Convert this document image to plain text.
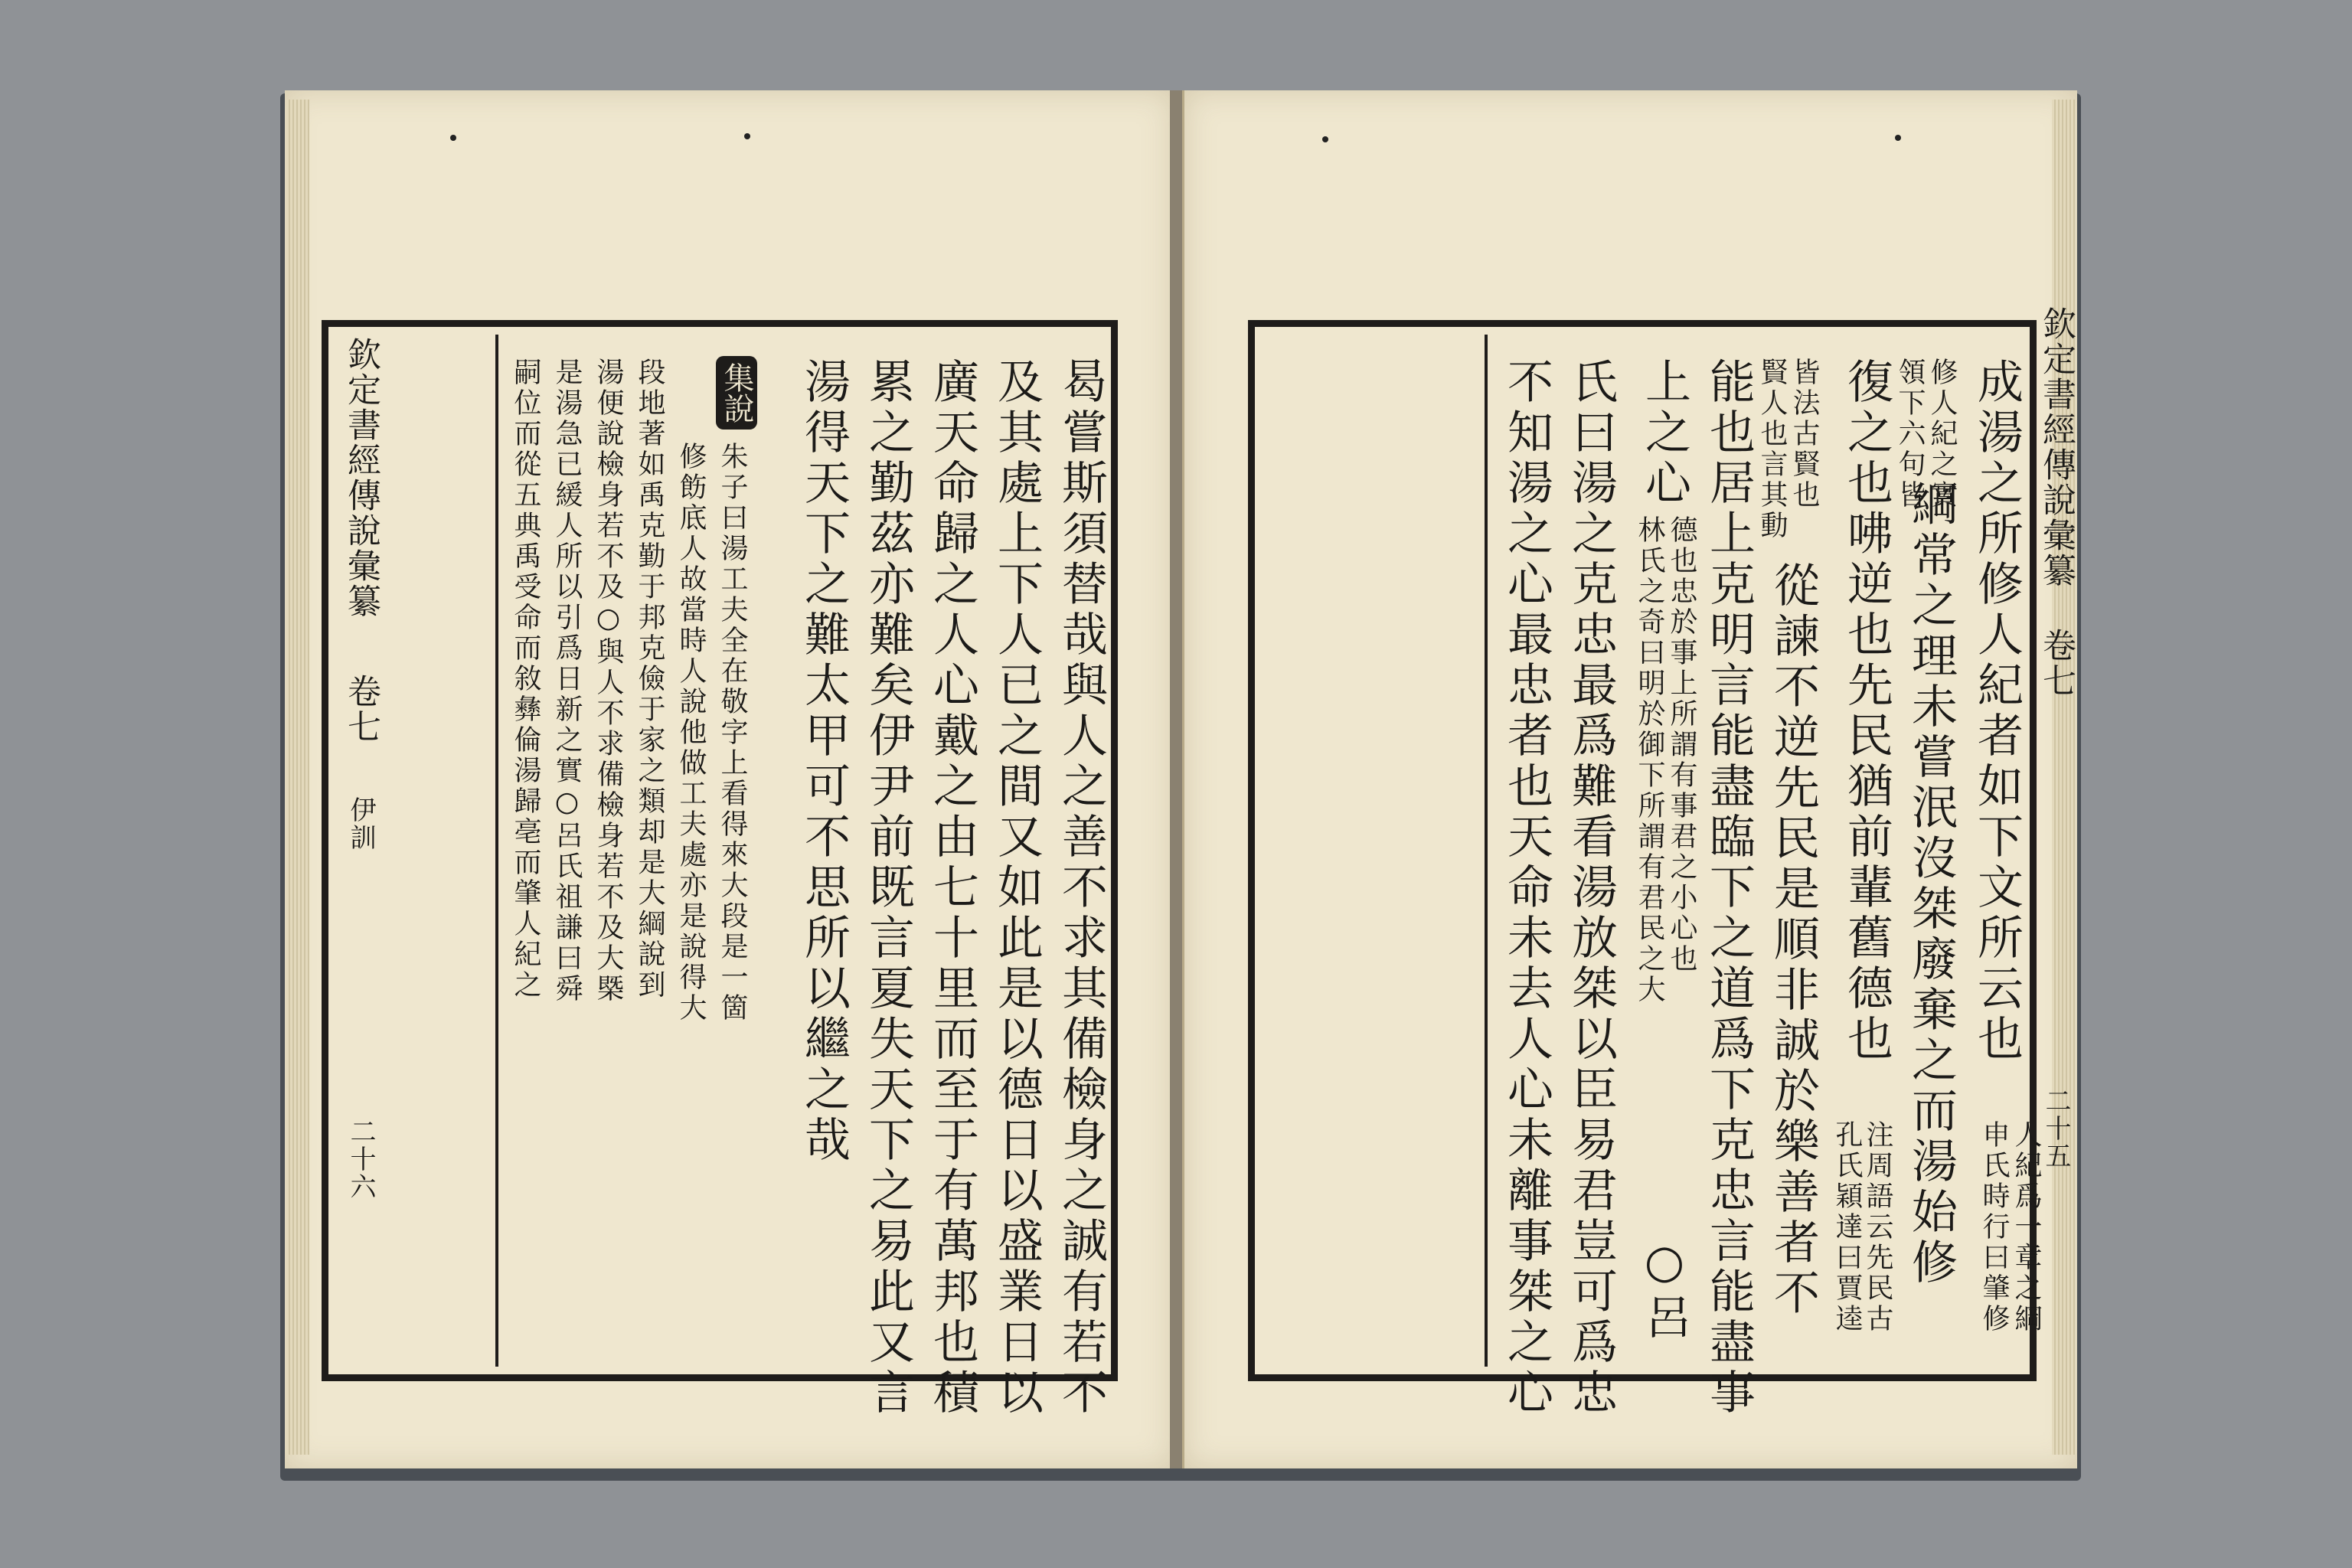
曷嘗斯須替哉與人之善不求其備檢身之誠有若不
及其處上下人已之間又如此是以德日以盛業日以
廣天命歸之人心戴之由七十里而至于有萬邦也積
累之勤茲亦難矣伊尹前既言夏失天下之易此又言
湯得天下之難太甲可不思所以繼之哉
集說
朱子曰湯工夫全在敬字上看得來大段是一箇
修飭底人故當時人說他做工夫處亦是說得大
段地著如禹克勤于邦克儉于家之類却是大綱說到
湯便說檢身若不及○與人不求備檢身若不及大槩
是湯急已緩人所以引爲日新之實○呂氏祖謙曰舜
嗣位而從五典禹受命而敘彝倫湯歸亳而肇人紀之
欽定書經傳說彙纂
卷七
伊訓
二十六
成湯之所修人紀者如下文所云也
申氏時行曰肇修 人紀爲一章之綱
領下六句皆 修人紀之實
綱常之理未嘗泯沒桀廢棄之而湯始修
復之也咈逆也先民猶前輩舊德也
孔氏穎達曰賈逵 注周語云先民古
賢人也言其動 皆法古賢也
從諫不逆先民是順非誠於樂善者不
能也居上克明言能盡臨下之道爲下克忠言能盡事
上之心
林氏之奇曰明於御下所謂有君民之大 德也忠於事上所謂有事君之小心也
○呂
氏曰湯之克忠最爲難看湯放桀以臣易君豈可爲忠
不知湯之心最忠者也天命未去人心未離事桀之心	欽定書經傳說彙纂
卷七
二十五
